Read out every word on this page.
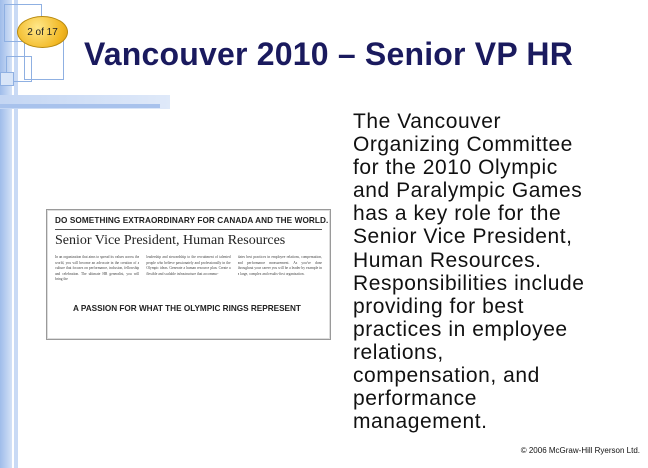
2 of 17
Vancouver 2010 – Senior VP HR
DO SOMETHING EXTRAORDINARY FOR CANADA AND THE WORLD.
Senior Vice President, Human Resources
In an organization that aims to spread its values across the world, you will become an advocate in the creation of a culture that focuses on performance, inclusion, fellowship and celebration. The ultimate HR generalist, you will bring the
leadership and stewardship to the recruitment of talented people who believe passionately and professionally in the Olympic ideas. Generate a human resource plan. Create a flexible and scalable infrastructure that accommo-
dates best practices in employee relations, compensation, and performance measurement. As you've done throughout your career you will be a leader by example in a large, complex and results-first organization.
A PASSION FOR WHAT THE OLYMPIC RINGS REPRESENT

The Vancouver
Organizing Committee
for the 2010 Olympic
and Paralympic Games
has a key role for the
Senior Vice President,
Human Resources.
Responsibilities include
providing for best
practices in employee
relations,
compensation, and
performance
management.

© 2006 McGraw-Hill Ryerson Ltd.
